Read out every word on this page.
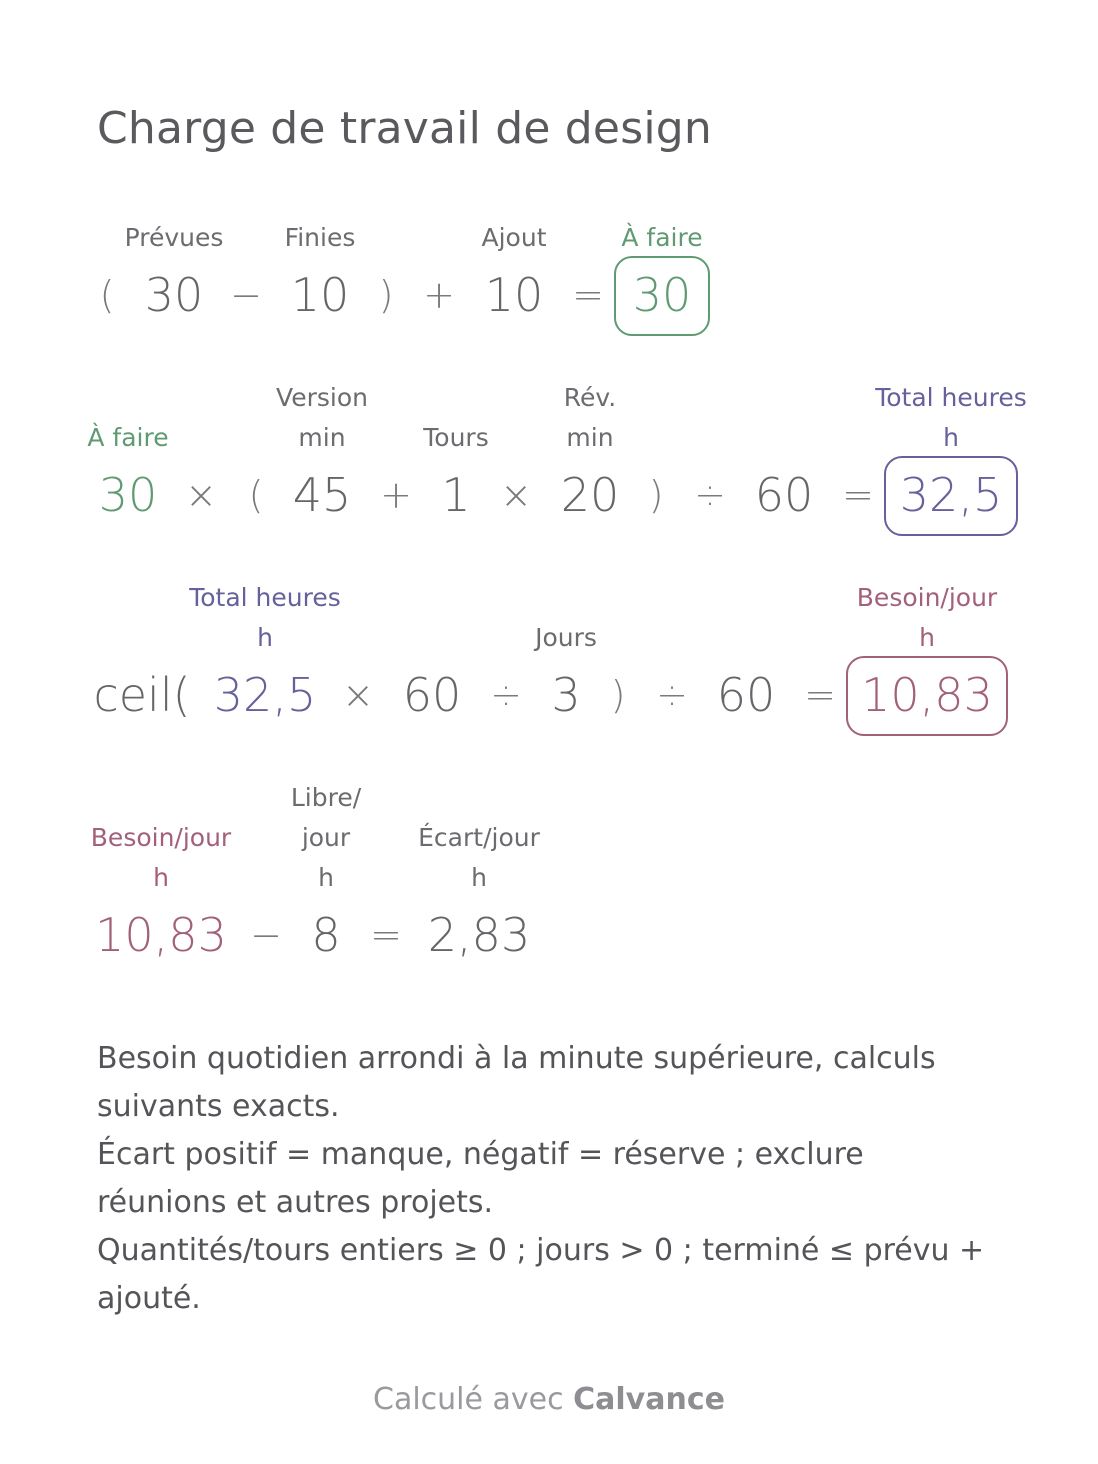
Charge de travail de design
Prévues Finies	Ajout	À faire
( 30 − 10 ) + 10 = 30
À faire
Version
min	Tours
Rév.
min
Total heures
h
30 × ( 45 + 1 × 20 ) ÷ 60 = 32,5
Total heures
h	Jours
Besoin/jour
h
ceil( 32,5 × 60 ÷ 3 ) ÷ 60 = 10,83
Besoin/jour
h
Libre/
jour
h
Écart/jour
h
10,83 − 8 = 2,83

Besoin quotidien arrondi à la minute supérieure, calculs suivants exacts.

Écart positif = manque, négatif = réserve ; exclure réunions et autres projets.

Quantités/tours entiers ≥ 0 ; jours > 0 ; terminé ≤ prévu + ajouté.

Calculé avec Calvance
